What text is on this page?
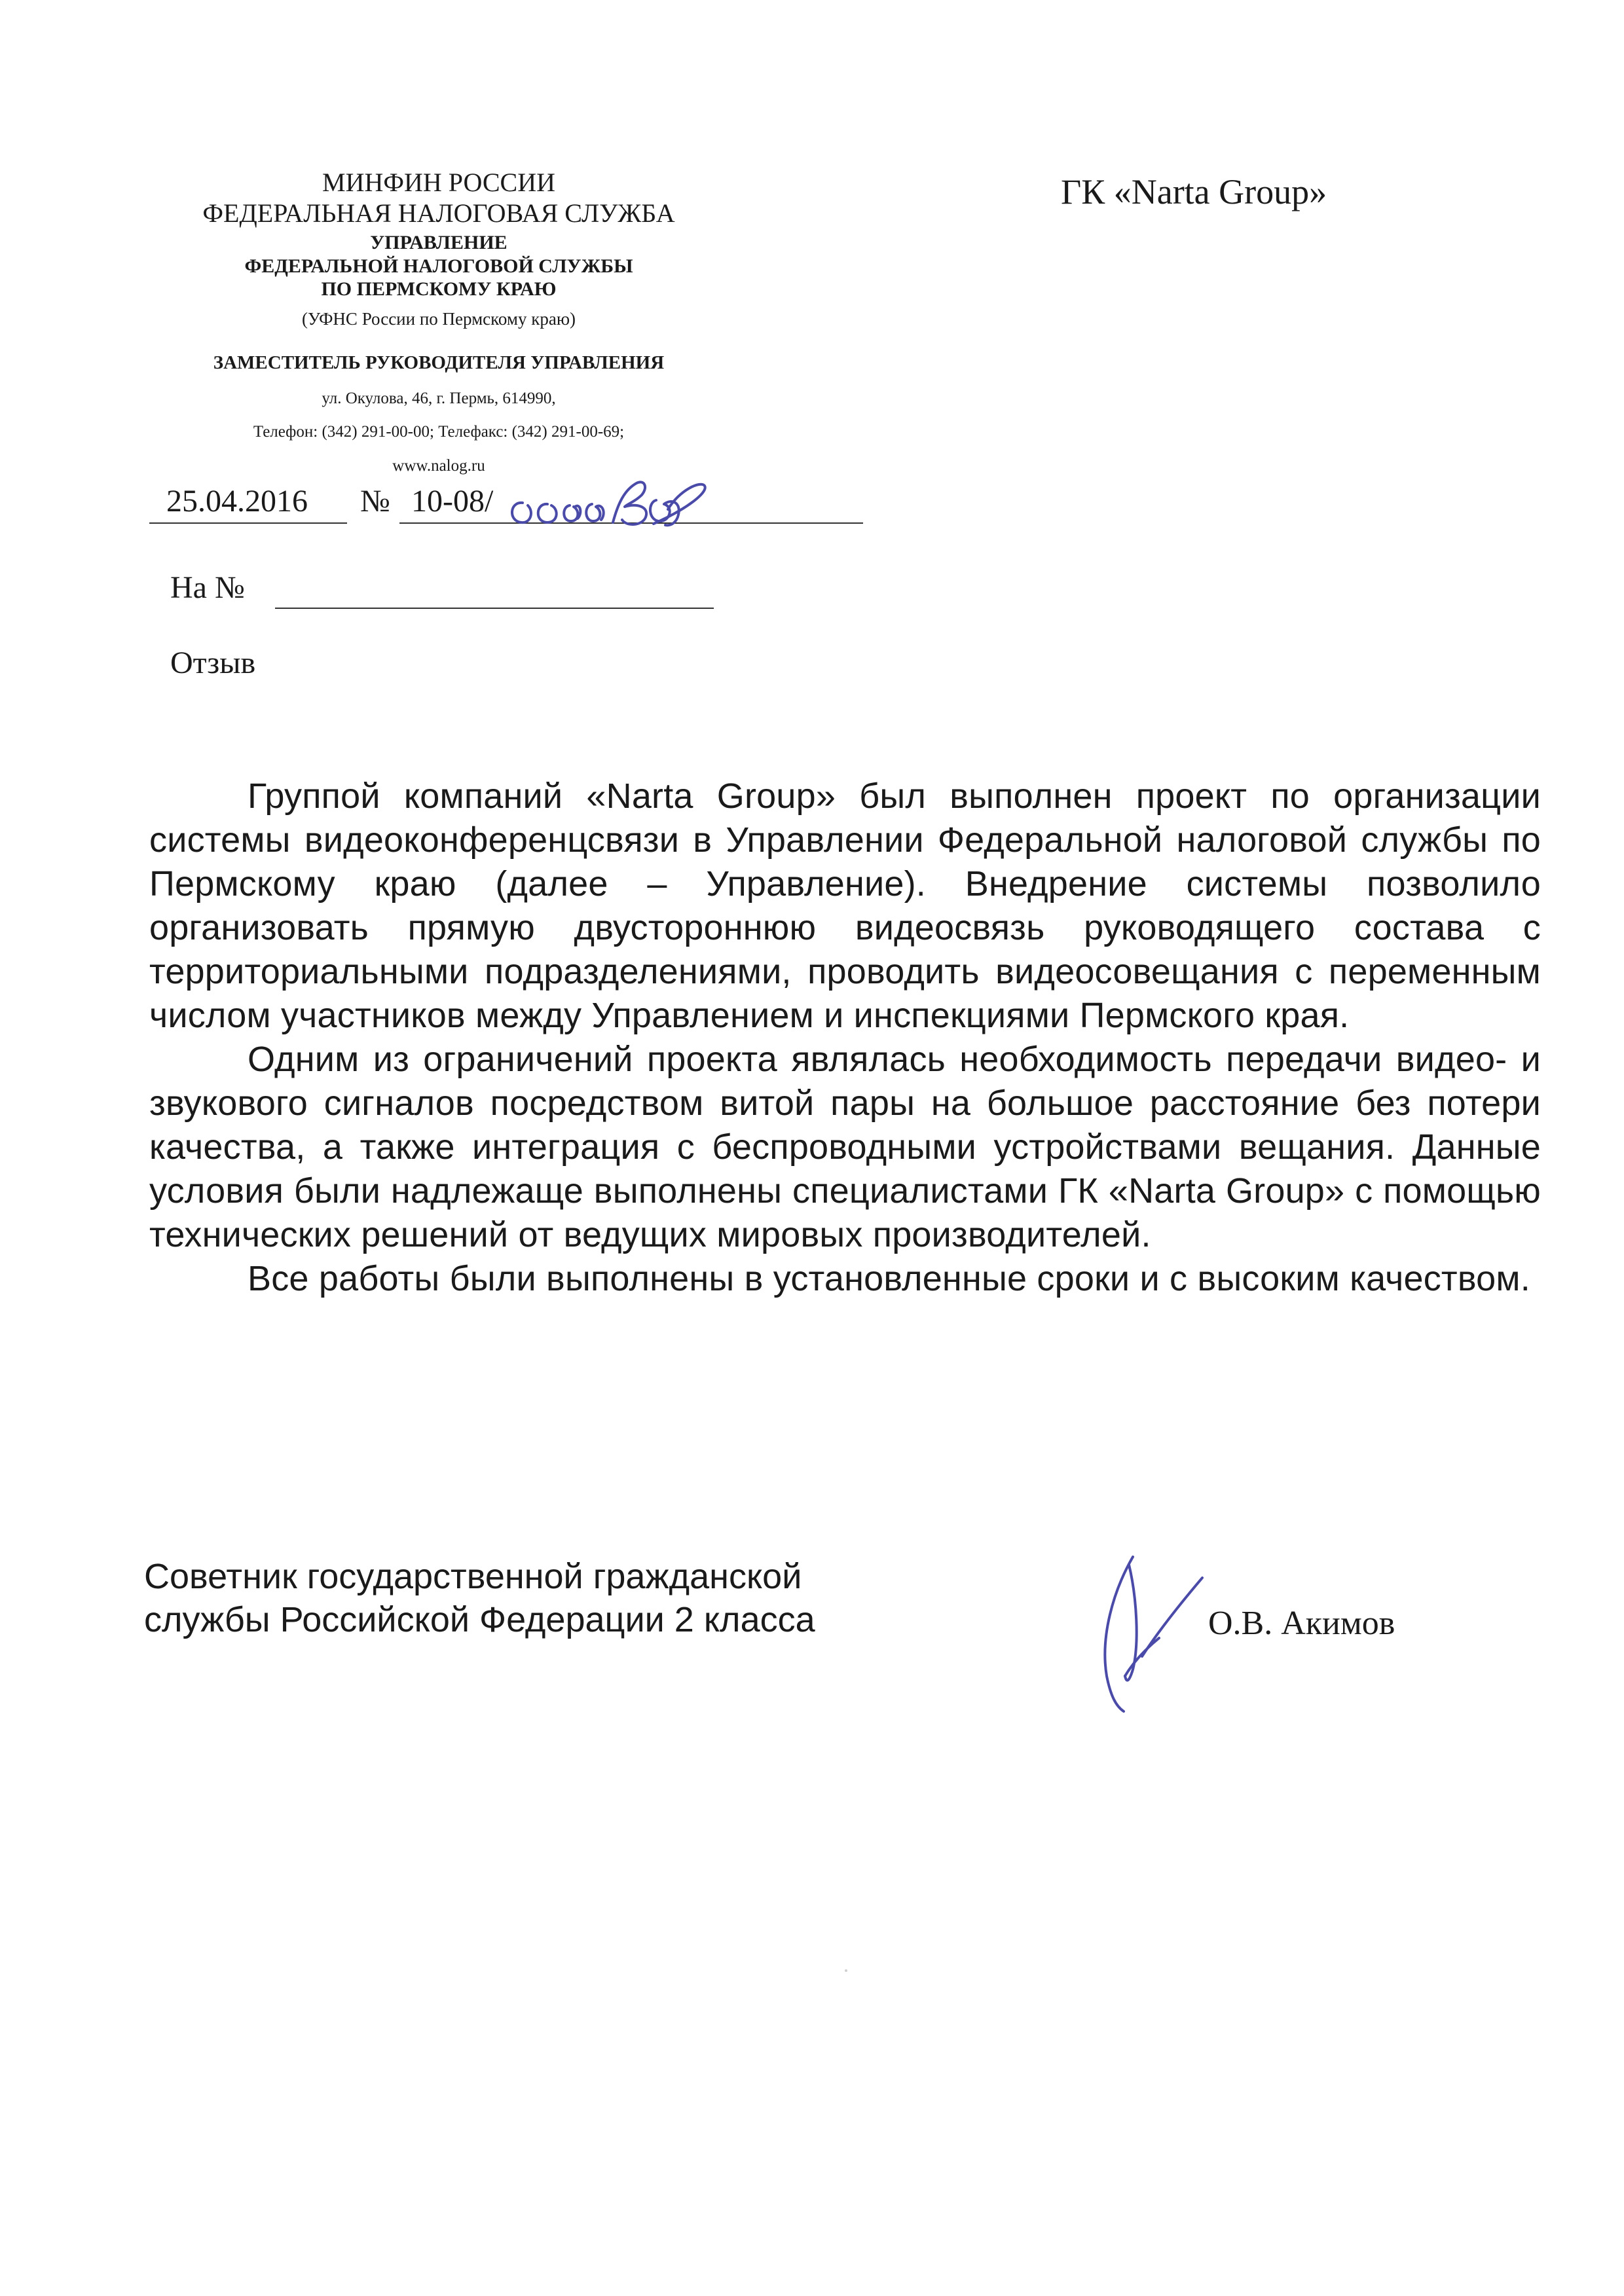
МИНФИН РОССИИ

ФЕДЕРАЛЬНАЯ НАЛОГОВАЯ СЛУЖБА

УПРАВЛЕНИЕ

ФЕДЕРАЛЬНОЙ НАЛОГОВОЙ СЛУЖБЫ

ПО ПЕРМСКОМУ КРАЮ

(УФНС России по Пермскому краю)

ЗАМЕСТИТЕЛЬ РУКОВОДИТЕЛЯ УПРАВЛЕНИЯ

ул. Окулова, 46, г. Пермь, 614990,

Телефон: (342) 291-00-00; Телефакс: (342) 291-00-69;

www.nalog.ru

ГК «Narta Group»
25.04.2016	№ 10-08/
На №
Отзыв

Группой компаний «Narta Group» был выполнен проект по организации системы видеоконференцсвязи в Управлении Федеральной налоговой службы по Пермскому краю (далее – Управление). Внедрение системы позволило организовать прямую двустороннюю видеосвязь руководящего состава с территориальными подразделениями, проводить видеосовещания с переменным числом участников между Управлением и инспекциями Пермского края.

Одним из ограничений проекта являлась необходимость передачи видео- и звукового сигналов посредством витой пары на большое расстояние без потери качества, а также интеграция с беспроводными устройствами вещания. Данные условия были надлежаще выполнены специалистами ГК «Narta Group» с помощью технических решений от ведущих мировых производителей.

Все работы были выполнены в установленные сроки и с высоким качеством.

Советник государственной гражданской
службы Российской Федерации 2 класса	О.В. Акимов
